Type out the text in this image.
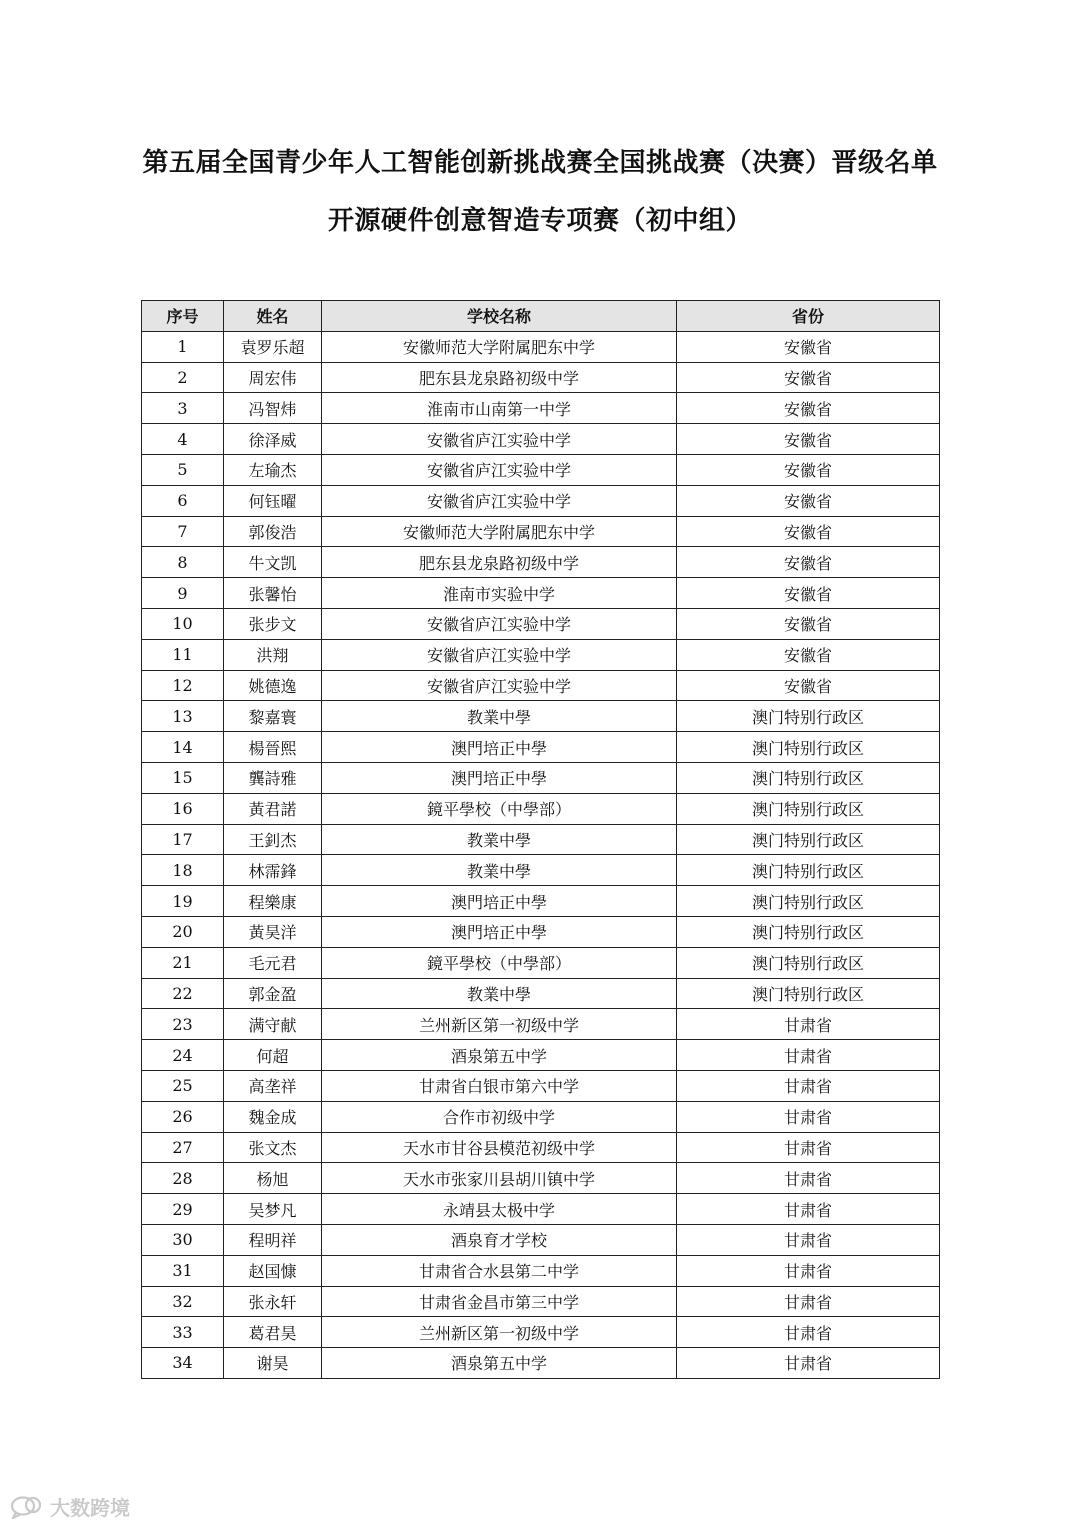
第五届全国青少年人工智能创新挑战赛全国挑战赛（决赛）晋级名单
开源硬件创意智造专项赛（初中组）
序号	姓名	学校名称	省份
1	袁罗乐超	安徽师范大学附属肥东中学	安徽省
2	周宏伟	肥东县龙泉路初级中学	安徽省
3	冯智炜	淮南市山南第一中学	安徽省
4	徐泽威	安徽省庐江实验中学	安徽省
5	左瑜杰	安徽省庐江实验中学	安徽省
6	何钰曜	安徽省庐江实验中学	安徽省
7	郭俊浩	安徽师范大学附属肥东中学	安徽省
8	牛文凯	肥东县龙泉路初级中学	安徽省
9	张馨怡	淮南市实验中学	安徽省
10	张步文	安徽省庐江实验中学	安徽省
11	洪翔	安徽省庐江实验中学	安徽省
12	姚德逸	安徽省庐江实验中学	安徽省
13	黎嘉寰	教業中學	澳门特别行政区
14	楊晉熙	澳門培正中學	澳门特别行政区
15	龔詩雅	澳門培正中學	澳门特别行政区
16	黃君諾	鏡平學校（中學部）	澳门特别行政区
17	王釗杰	教業中學	澳门特别行政区
18	林霈鋒	教業中學	澳门特别行政区
19	程樂康	澳門培正中學	澳门特别行政区
20	黃昊洋	澳門培正中學	澳门特别行政区
21	毛元君	鏡平學校（中學部）	澳门特别行政区
22	郭金盈	教業中學	澳门特别行政区
23	满守献	兰州新区第一初级中学	甘肃省
24	何超	酒泉第五中学	甘肃省
25	高垄祥	甘肃省白银市第六中学	甘肃省
26	魏金成	合作市初级中学	甘肃省
27	张文杰	天水市甘谷县模范初级中学	甘肃省
28	杨旭	天水市张家川县胡川镇中学	甘肃省
29	吴梦凡	永靖县太极中学	甘肃省
30	程明祥	酒泉育才学校	甘肃省
31	赵国慷	甘肃省合水县第二中学	甘肃省
32	张永轩	甘肃省金昌市第三中学	甘肃省
33	葛君昊	兰州新区第一初级中学	甘肃省
34	谢昊	酒泉第五中学	甘肃省
大数跨境
